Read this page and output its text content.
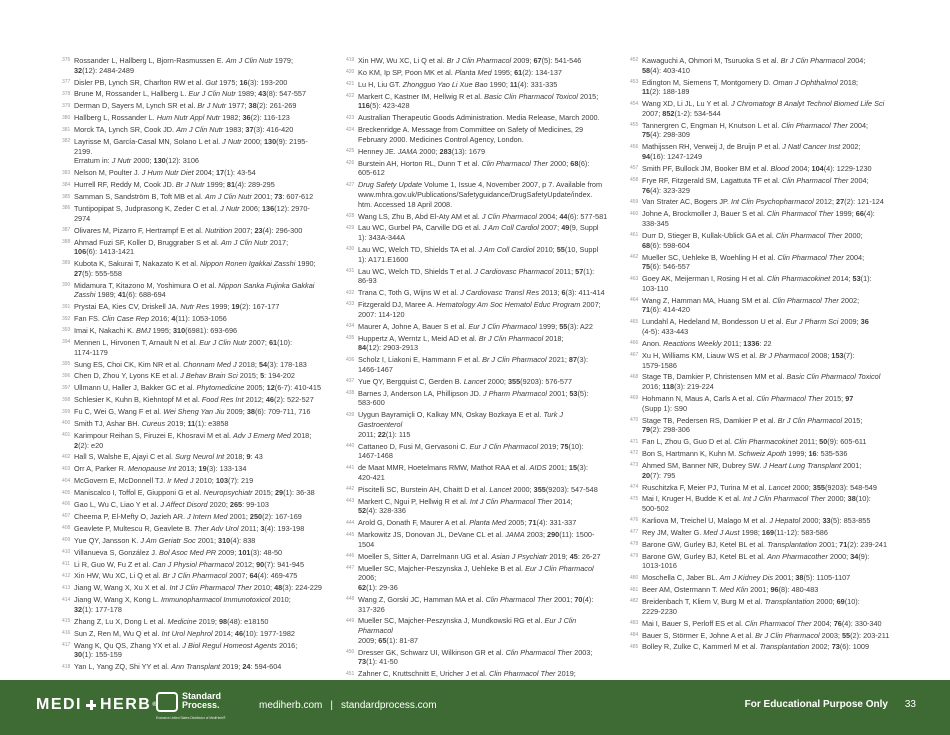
376 Rossander L, Hallberg L, Bjorn-Rasmussen E. Am J Clin Nutr 1979;
32(12): 2484-2489
377 Disler PB, Lynch SR, Charlton RW et al. Gut 1975; 16(3): 193-200
378 Brune M, Rossander L, Hallberg L. Eur J Clin Nutr 1989; 43(8): 547-557
379 Derman D, Sayers M, Lynch SR et al. Br J Nutr 1977; 38(2): 261-269
380 Hallberg L, Rossander L. Hum Nutr Appl Nutr 1982; 36(2): 116-123
381 Morck TA, Lynch SR, Cook JD. Am J Clin Nutr 1983; 37(3): 416-420
382 Layrisse M, García-Casal MN, Solano L et al. J Nutr 2000; 130(9): 2195-2199.
Erratum in: J Nutr 2000; 130(12): 3106
383 Nelson M, Poulter J. J Hum Nutr Diet 2004; 17(1): 43-54
384 Hurrell RF, Reddy M, Cook JD. Br J Nutr 1999; 81(4): 289-295
385 Samman S, Sandström B, Toft MB et al. Am J Clin Nutr 2001; 73: 607-612
386 Tuntipopipat S, Judprasong K, Zeder C et al. J Nutr 2006; 136(12): 2970-2974
387 Olivares M, Pizarro F, Hertrampf E et al. Nutrition 2007; 23(4): 296-300
388 Ahmad Fuzi SF, Koller D, Bruggraber S et al. Am J Clin Nutr 2017;
106(6): 1413-1421
389 Kubota K, Sakurai T, Nakazato K et al. Nippon Ronen Igakkai Zasshi 1990;
27(5): 555-558
390 Midamura T, Kitazono M, Yoshimura O et al. Nippon Sanka Fujinka Gakkai
Zasshi 1989; 41(6): 688-694
391 Prystai EA, Kies CV, Driskell JA. Nutr Res 1999; 19(2): 167-177
392 Fan FS. Clin Case Rep 2016; 4(11): 1053-1056
393 Imai K, Nakachi K. BMJ 1995; 310(6981): 693-696
394 Mennen L, Hirvonen T, Arnault N et al. Eur J Clin Nutr 2007; 61(10):
1174-1179
395 Sung ES, Choi CK, Kim NR et al. Chonnam Med J 2018; 54(3): 178-183
396 Chen D, Zhou Y, Lyons KE et al. J Behav Brain Sci 2015; 5: 194-202
397 Ullmann U, Haller J, Bakker GC et al. Phytomedicine 2005; 12(6-7): 410-415
398 Schlesier K, Kuhn B, Kiehntopf M et al. Food Res Int 2012; 46(2): 522-527
399 Fu C, Wei G, Wang F et al. Wei Sheng Yan Jiu 2009; 38(6): 709-711, 716
400 Smith TJ, Ashar BH. Cureus 2019; 11(1): e3858
401 Karimpour Reihan S, Firuzei E, Khosravi M et al. Adv J Emerg Med 2018;
2(2): e20
402 Hall S, Walshe E, Ajayi C et al. Surg Neurol Int 2018; 9: 43
403 Orr A, Parker R. Menopause Int 2013; 19(3): 133-134
404 McGovern E, McDonnell TJ. Ir Med J 2010; 103(7): 219
405 Maniscalco I, Toffol E, Giupponi G et al. Neuropsychiatr 2015; 29(1): 36-38
406 Gao L, Wu C, Liao Y et al. J Affect Disord 2020; 265: 99-103
407 Cheema P, El-Mefty O, Jazieh AR. J Intern Med 2001; 250(2): 167-169
408 Geavlete P, Multescu R, Geavlete B. Ther Adv Urol 2011; 3(4): 193-198
409 Yue QY, Jansson K. J Am Geriatr Soc 2001; 310(4): 838
410 Villanueva S, González J. Bol Asoc Med PR 2009; 101(3): 48-50
411 Li R, Guo W, Fu Z et al. Can J Physiol Pharmacol 2012; 90(7): 941-945
412 Xin HW, Wu XC, Li Q et al. Br J Clin Pharmacol 2007; 64(4): 469-475
413 Jiang W, Wang X, Xu X et al. Int J Clin Pharmacol Ther 2010; 48(3): 224-229
414 Jiang W, Wang X, Kong L. Immunopharmacol Immunotoxicol 2010;
32(1): 177-178
415 Zhang Z, Lu X, Dong L et al. Medicine 2019; 98(48): e18150
416 Sun Z, Ren M, Wu Q et al. Int Urol Nephrol 2014; 46(10): 1977-1982
417 Wang K, Qu QS, Zhang YX et al. J Biol Regul Homeost Agents 2016;
30(1): 155-159
418 Yan L, Yang ZQ, Shi YY et al. Ann Transplant 2019; 24: 594-604
419 Xin HW, Wu XC, Li Q et al. Br J Clin Pharmacol 2009; 67(5): 541-546
420 Ko KM, Ip SP, Poon MK et al. Planta Med 1995; 61(2): 134-137
421 Lu H, Liu GT. Zhongguo Yao Li Xue Bao 1990; 11(4): 331-335
422 Markert C, Kastner IM, Hellwig R et al. Basic Clin Pharmacol Toxicol 2015;
116(5): 423-428
423 Australian Therapeutic Goods Administration. Media Release, March 2000.
424 Breckenridge A. Message from Committee on Safety of Medicines, 29
February 2000. Medicines Control Agency, London.
425 Henney JE. JAMA 2000; 283(13): 1679
426 Burstein AH, Horton RL, Dunn T et al. Clin Pharmacol Ther 2000; 68(6):
605-612
427 Drug Safety Update Volume 1, Issue 4, November 2007, p 7. Available from
www.mhra.gov.uk/Publications/Safetyguidance/DrugSafetyUpdate/index.
htm. Accessed 18 April 2008.
428 Wang LS, Zhu B, Abd El-Aty AM et al. J Clin Pharmacol 2004; 44(6): 577-581
429 Lau WC, Gurbel PA, Carville DG et al. J Am Coll Cardiol 2007; 49(9, Suppl
1): 343A-344A
430 Lau WC, Welch TD, Shields TA et al. J Am Coll Cardiol 2010; 55(10, Suppl
1): A171.E1600
431 Lau WC, Welch TD, Shields T et al. J Cardiovasc Pharmacol 2011; 57(1):
86-93
432 Trana C, Toth G, Wijns W et al. J Cardiovasc Transl Res 2013; 6(3): 411-414
433 Fitzgerald DJ, Maree A. Hematology Am Soc Hematol Educ Program 2007;
2007: 114-120
434 Maurer A, Johne A, Bauer S et al. Eur J Clin Pharmacol 1999; 55(3): A22
435 Huppertz A, Werntz L, Meid AD et al. Br J Clin Pharmacol 2018;
84(12): 2903-2913
436 Scholz I, Liakoni E, Hammann F et al. Br J Clin Pharmacol 2021; 87(3):
1466-1467
437 Yue QY, Bergquist C, Gerden B. Lancet 2000; 355(9203): 576-577
438 Barnes J, Anderson LA, Phillipson JD. J Pharm Pharmacol 2001; 53(5):
583-600
439 Uygun Bayramiçli O, Kalkay MN, Oskay Bozkaya E et al. Turk J Gastroenterol
2011; 22(1): 115
440 Cattaneo D, Fusi M, Gervasoni C. Eur J Clin Pharmacol 2019; 75(10):
1467-1468
441 de Maat MMR, Hoetelmans RMW, Mathot RAA et al. AIDS 2001; 15(3):
420-421
442 Piscitelli SC, Burstein AH, Chaitt D et al. Lancet 2000; 355(9203): 547-548
443 Markert C, Ngui P, Hellwig R et al. Int J Clin Pharmacol Ther 2014;
52(4): 328-336
444 Arold G, Donath F, Maurer A et al. Planta Med 2005; 71(4): 331-337
445 Markowitz JS, Donovan JL, DeVane CL et al. JAMA 2003; 290(11): 1500-1504
446 Moeller S, Sitter A, Darrelmann UG et al. Asian J Psychiatr 2019; 45: 26-27
447 Mueller SC, Majcher-Peszynska J, Uehleke B et al. Eur J Clin Pharmacol 2006;
62(1): 29-36
448 Wang Z, Gorski JC, Hamman MA et al. Clin Pharmacol Ther 2001; 70(4):
317-326
449 Mueller SC, Majcher-Peszynska J, Mundkowski RG et al. Eur J Clin Pharmacol
2009; 65(1): 81-87
450 Dresser GK, Schwarz UI, Wilkinson GR et al. Clin Pharmacol Ther 2003;
73(1): 41-50
451 Zahner C, Kruttschnitt E, Uricher J et al. Clin Pharmacol Ther 2019;

452 Kawaguchi A, Ohmori M, Tsuruoka S et al. Br J Clin Pharmacol 2004;
58(4): 403-410
453 Edington M, Siemens T, Montgomery D. Oman J Ophthalmol 2018;
11(2): 188-189
454 Wang XD, Li JL, Lu Y et al. J Chromatogr B Analyt Technol Biomed Life Sci
2007; 852(1-2): 534-544
455 Tannergren C, Engman H, Knutson L et al. Clin Pharmacol Ther 2004;
75(4): 298-309
456 Mathijssen RH, Verweij J, de Bruijn P et al. J Natl Cancer Inst 2002;
94(16): 1247-1249
457 Smith PF, Bullock JM, Booker BM et al. Blood 2004; 104(4): 1229-1230
458 Frye RF, Fitzgerald SM, Lagattuta TF et al. Clin Pharmacol Ther 2004;
76(4): 323-329
459 Van Strater AC, Bogers JP. Int Clin Psychopharmacol 2012; 27(2): 121-124
460 Johne A, Brockmoller J, Bauer S et al. Clin Pharmacol Ther 1999; 66(4):
338-345
461 Durr D, Stieger B, Kullak-Ublick GA et al. Clin Pharmacol Ther 2000;
68(6): 598-604
462 Mueller SC, Uehleke B, Woehling H et al. Clin Pharmacol Ther 2004;
75(6): 546-557
463 Goey AK, Meijerman I, Rosing H et al. Clin Pharmacokinet 2014; 53(1):
103-110
464 Wang Z, Hamman MA, Huang SM et al. Clin Pharmacol Ther 2002;
71(6): 414-420
465 Lundahl A, Hedeland M, Bondesson U et al. Eur J Pharm Sci 2009; 36
(4-5): 433-443
466 Anon. Reactions Weekly 2011; 1336: 22
467 Xu H, Williams KM, Liauw WS et al. Br J Pharmacol 2008; 153(7):
1579-1586
468 Stage TB, Damkier P, Christensen MM et al. Basic Clin Pharmacol Toxicol
2016; 118(3): 219-224
469 Hohmann N, Maus A, Carls A et al. Clin Pharmacol Ther 2015; 97
(Supp 1): S90
470 Stage TB, Pedersen RS, Damkier P et al. Br J Clin Pharmacol 2015;
79(2): 298-306
471 Fan L, Zhou G, Guo D et al. Clin Pharmacokinet 2011; 50(9): 605-611
472 Bon S, Hartmann K, Kuhn M. Schweiz Apoth 1999; 16: 535-536
473 Ahmed SM, Banner NR, Dubrey SW. J Heart Lung Transplant 2001;
20(7): 795
474 Ruschitzka F, Meier PJ, Turina M et al. Lancet 2000; 355(9203): 548-549
475 Mai I, Kruger H, Budde K et al. Int J Clin Pharmacol Ther 2000; 38(10):
500-502
476 Karliova M, Treichel U, Malago M et al. J Hepatol 2000; 33(5): 853-855
477 Rey JM, Walter G. Med J Aust 1998; 169(11-12): 583-586
478 Barone GW, Gurley BJ, Ketel BL et al. Transplantation 2001; 71(2): 239-241
479 Barone GW, Gurley BJ, Ketel BL et al. Ann Pharmacother 2000; 34(9):
1013-1016
480 Moschella C, Jaber BL. Am J Kidney Dis 2001; 38(5): 1105-1107
481 Beer AM, Ostermann T. Med Klin 2001; 96(8): 480-483
482 Breidenbach T, Kliem V, Burg M et al. Transplantation 2000; 69(10):
2229-2230
483 Mai I, Bauer S, Perloff ES et al. Clin Pharmacol Ther 2004; 76(4): 330-340
484 Bauer S, Störmer E, Johne A et al. Br J Clin Pharmacol 2003; 55(2): 203-211
485 Bolley R, Zulke C, Kammerl M et al. Transplantation 2002; 73(6): 1009
MEDI HERB ®
Standard
Process.
Exclusive United States Distributor of MediHerb®
mediherb.com | standardprocess.com	For Educational Purpose Only 33
